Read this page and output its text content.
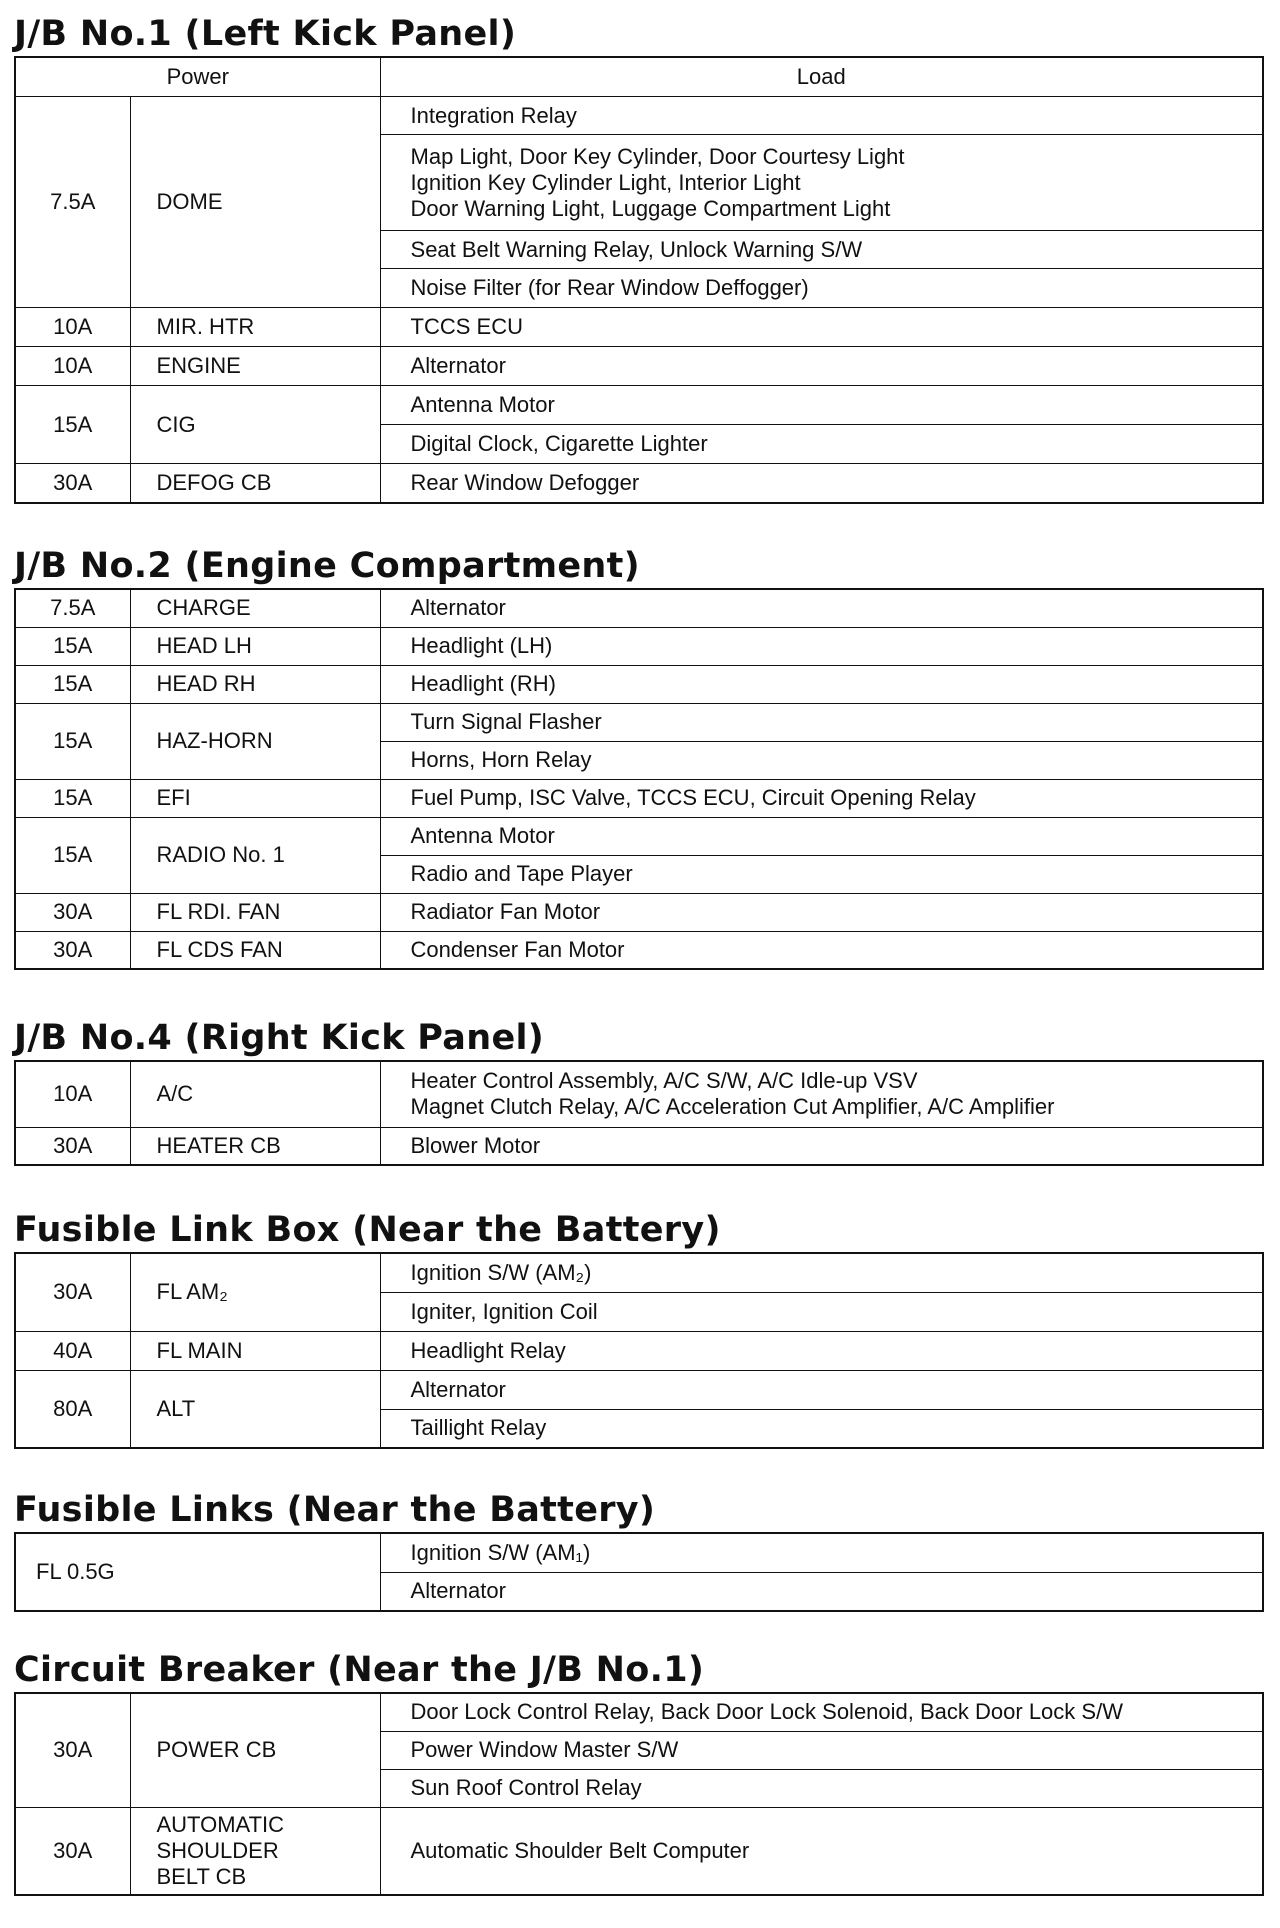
J/B No.1 (Left Kick Panel)
Power		Load
7.5A	DOME	Integration Relay
		Map Light, Door Key Cylinder, Door Courtesy Light
Ignition Key Cylinder Light, Interior Light
Door Warning Light, Luggage Compartment Light
		Seat Belt Warning Relay, Unlock Warning S/W
		Noise Filter (for Rear Window Deffogger)
10A	MIR. HTR	TCCS ECU
10A	ENGINE	Alternator
15A	CIG	Antenna Motor
		Digital Clock, Cigarette Lighter
30A	DEFOG CB	Rear Window Defogger
J/B No.2 (Engine Compartment)
7.5A	CHARGE	Alternator
15A	HEAD LH	Headlight (LH)
15A	HEAD RH	Headlight (RH)
15A	HAZ-HORN	Turn Signal Flasher
		Horns, Horn Relay
15A	EFI	Fuel Pump, ISC Valve, TCCS ECU, Circuit Opening Relay
15A	RADIO No. 1	Antenna Motor
		Radio and Tape Player
30A	FL RDI. FAN	Radiator Fan Motor
30A	FL CDS FAN	Condenser Fan Motor
J/B No.4 (Right Kick Panel)
10A	A/C	Heater Control Assembly, A/C S/W, A/C Idle-up VSV
Magnet Clutch Relay, A/C Acceleration Cut Amplifier, A/C Amplifier
30A	HEATER CB	Blower Motor
Fusible Link Box (Near the Battery)
30A	FL AM₂	Ignition S/W (AM₂)
		Igniter, Ignition Coil
40A	FL MAIN	Headlight Relay
80A	ALT	Alternator
		Taillight Relay
Fusible Links (Near the Battery)
FL 0.5G	Ignition S/W (AM₁)
Alternator
Circuit Breaker (Near the J/B No.1)
30A	POWER CB	Door Lock Control Relay, Back Door Lock Solenoid, Back Door Lock S/W
		Power Window Master S/W
		Sun Roof Control Relay
30A	AUTOMATIC
SHOULDER
BELT CB	Automatic Shoulder Belt Computer
